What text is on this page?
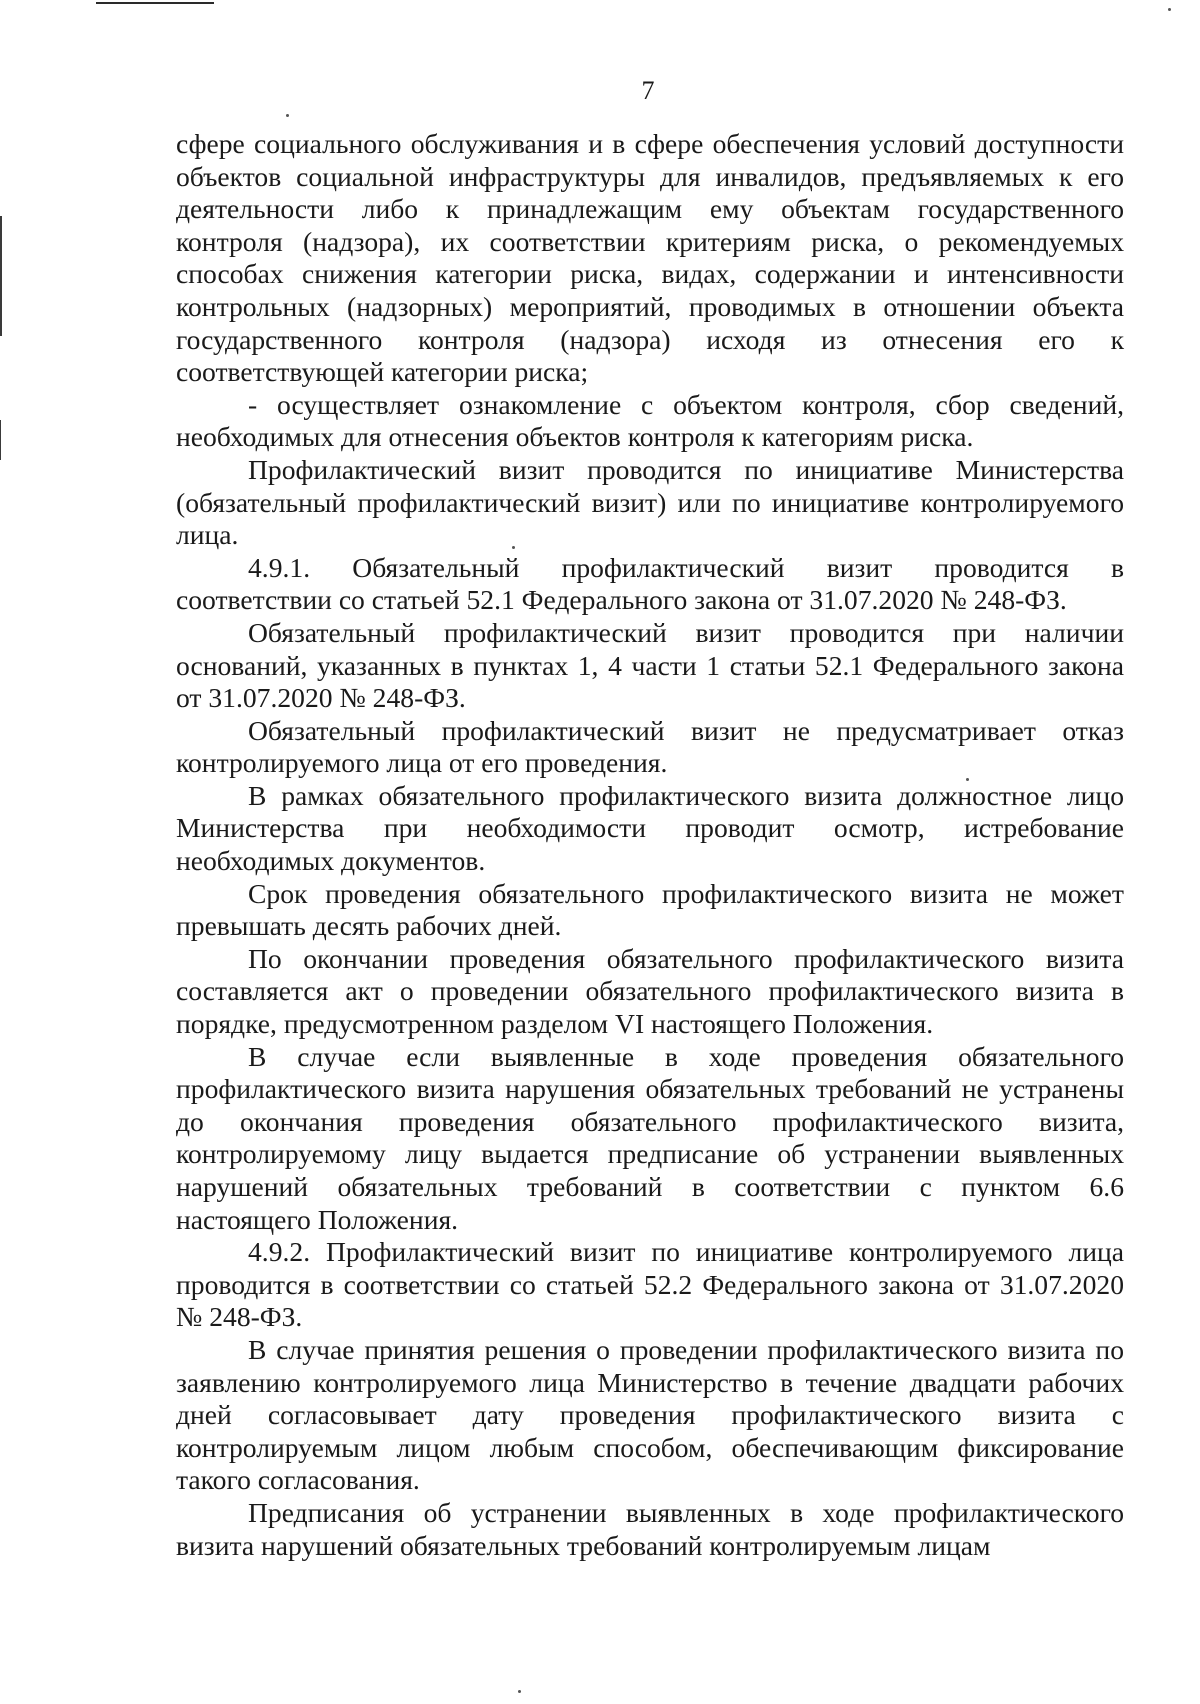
7

сфере социального обслуживания и в сфере обеспечения условий доступности
объектов социальной инфраструктуры для инвалидов, предъявляемых к его
деятельности либо к принадлежащим ему объектам государственного
контроля (надзора), их соответствии критериям риска, о рекомендуемых
способах снижения категории риска, видах, содержании и интенсивности
контрольных (надзорных) мероприятий, проводимых в отношении объекта
государственного контроля (надзора) исходя из отнесения его к
соответствующей категории риска;

- осуществляет ознакомление с объектом контроля, сбор сведений,
необходимых для отнесения объектов контроля к категориям риска.

Профилактический визит проводится по инициативе Министерства
(обязательный профилактический визит) или по инициативе контролируемого
лица.

4.9.1. Обязательный профилактический визит проводится в
соответствии со статьей 52.1 Федерального закона от 31.07.2020 № 248-ФЗ.

Обязательный профилактический визит проводится при наличии
оснований, указанных в пунктах 1, 4 части 1 статьи 52.1 Федерального закона
от 31.07.2020 № 248-ФЗ.

Обязательный профилактический визит не предусматривает отказ
контролируемого лица от его проведения.

В рамках обязательного профилактического визита должностное лицо
Министерства при необходимости проводит осмотр, истребование
необходимых документов.

Срок проведения обязательного профилактического визита не может
превышать десять рабочих дней.

По окончании проведения обязательного профилактического визита
составляется акт о проведении обязательного профилактического визита в
порядке, предусмотренном разделом VI настоящего Положения.

В случае если выявленные в ходе проведения обязательного
профилактического визита нарушения обязательных требований не устранены
до окончания проведения обязательного профилактического визита,
контролируемому лицу выдается предписание об устранении выявленных
нарушений обязательных требований в соответствии с пунктом 6.6
настоящего Положения.

4.9.2. Профилактический визит по инициативе контролируемого лица
проводится в соответствии со статьей 52.2 Федерального закона от 31.07.2020
№ 248-ФЗ.

В случае принятия решения о проведении профилактического визита по
заявлению контролируемого лица Министерство в течение двадцати рабочих
дней согласовывает дату проведения профилактического визита с
контролируемым лицом любым способом, обеспечивающим фиксирование
такого согласования.

Предписания об устранении выявленных в ходе профилактического
визита нарушений обязательных требований контролируемым лицам
